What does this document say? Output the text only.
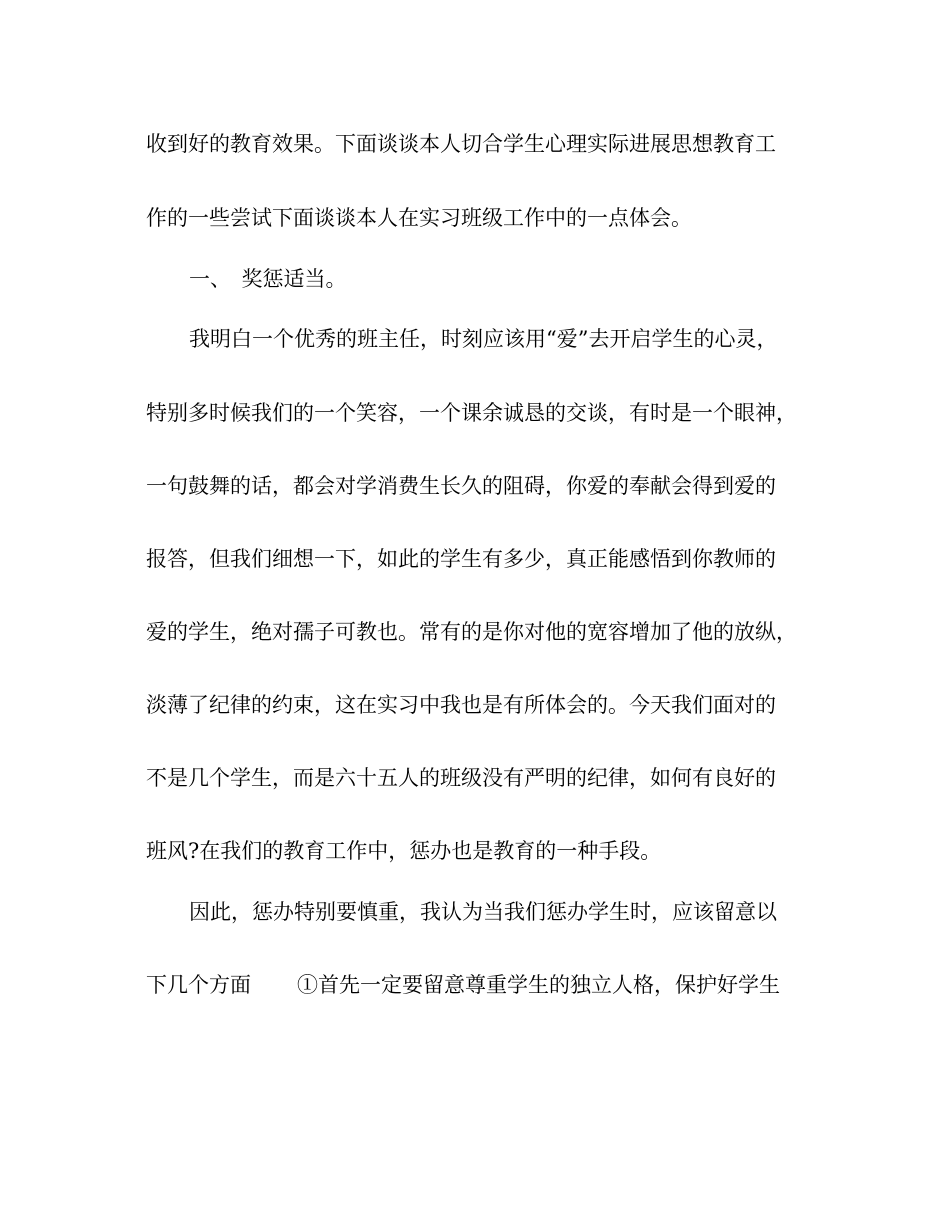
收到好的教育效果。下面谈谈本人切合学生心理实际进展思想教育工
作的一些尝试下面谈谈本人在实习班级工作中的一点体会。
一、　奖惩适当。
我明白一个优秀的班主任，时刻应该用“爱”去开启学生的心灵，
特别多时候我们的一个笑容，一个课余诚恳的交谈，有时是一个眼神，
一句鼓舞的话，都会对学消费生长久的阻碍，你爱的奉献会得到爱的
报答，但我们细想一下，如此的学生有多少，真正能感悟到你教师的
爱的学生，绝对孺子可教也。常有的是你对他的宽容增加了他的放纵，
淡薄了纪律的约束，这在实习中我也是有所体会的。今天我们面对的
不是几个学生，而是六十五人的班级没有严明的纪律，如何有良好的
班风?在我们的教育工作中，惩办也是教育的一种手段。
因此，惩办特别要慎重，我认为当我们惩办学生时，应该留意以
下几个方面 ①首先一定要留意尊重学生的独立人格，保护好学生
